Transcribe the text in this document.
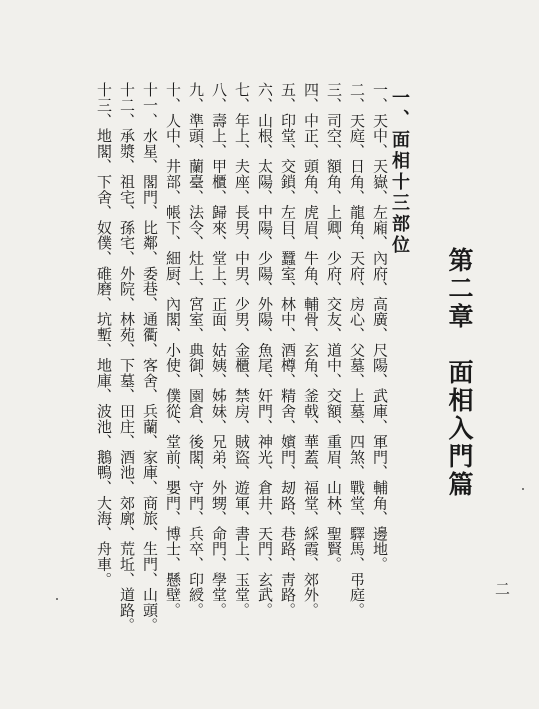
第二章　面相入門篇
一、面相十三部位
一、天中、天嶽、左廂、內府、高廣、尺陽、武庫、軍門、輔角、邊地。
二、天庭、日角、龍角、天府、房心、父墓、上墓、四煞、戰堂、驛馬、弔庭。
三、司空、額角、上卿、少府、交友、道中、交額、重眉、山林、聖賢。
四、中正、頭角、虎眉、牛角、輔骨、玄角、釜戟、華蓋、福堂、綵霞、郊外。
五、印堂、交鎖、左目、蠶室、林中、酒樽、精舍、嬪門、刼路、巷路、靑路。
六、山根、太陽、中陽、少陽、外陽、魚尾、奸門、神光、倉井、天門、玄武。
七、年上、夫座、長男、中男、少男、金櫃、禁房、賊盜、遊軍、書上、玉堂。
八、壽上、甲櫃、歸來、堂上、正面、姑姨、姊妹、兄弟、外甥、命門、學堂。
九、準頭、蘭臺、法令、灶上、宮室、典御、園倉、後閣、守門、兵卒、印綬。
十、人中、井部、帳下、細厨、內閣、小使、僕從、堂前、嬰門、博士、懸壁。
十一、水星、閣門、比鄰、委巷、通衢、客舍、兵蘭、家庫、商旅、生門、山頭。
十二、承漿、祖宅、孫宅、外院、林苑、下墓、田庄、酒池、郊廓、荒坵、道路。
十三、地閣、下舍、奴僕、碓磨、坑塹、地庫、波池、鵝鴨、大海、舟車。
二
